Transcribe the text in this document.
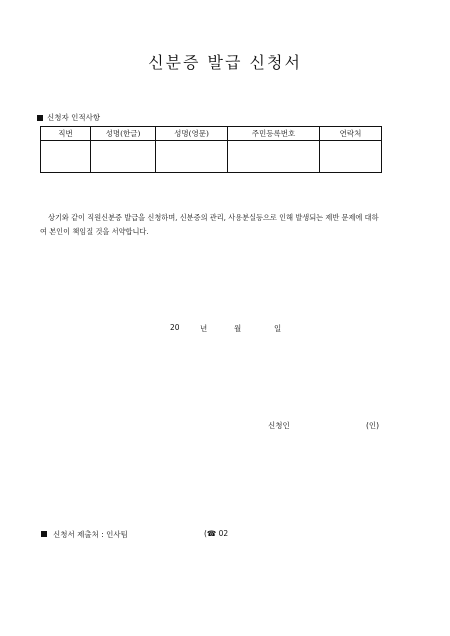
신분증 발급 신청서
신청자 인적사항
직번	성명(한글)	성명(영문)	주민등록번호	연락처

상기와 같이 직원신분증 발급을 신청하며, 신분증의 관리, 사용분실등으로 인해 발생되는 제반 문제에 대하여 본인이 책임질 것을 서약합니다.
20	년	월	일
신청인	(인)
신청서 제출처 : 인사팀	(☎ 02
